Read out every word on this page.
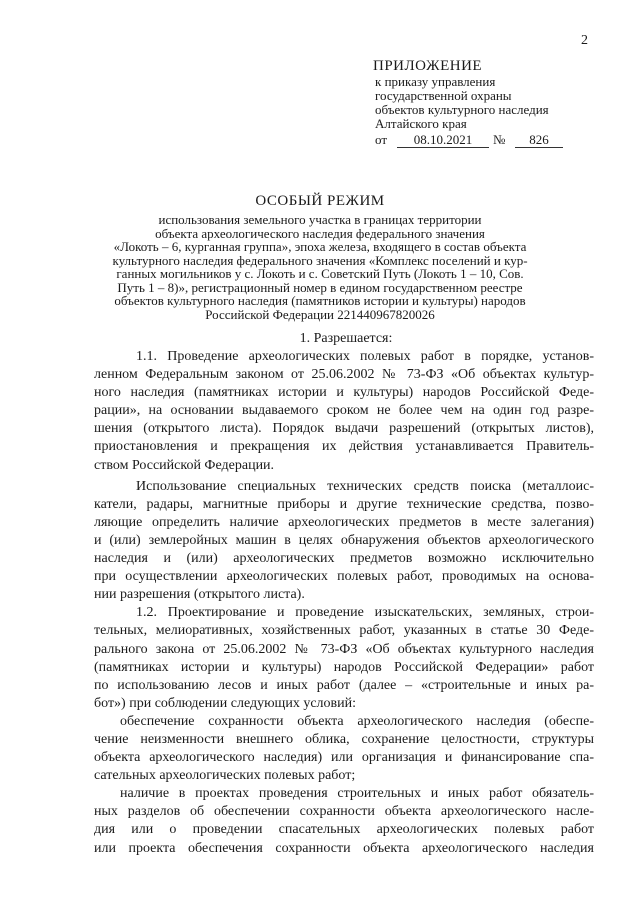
2
ПРИЛОЖЕНИЕ
к приказу управления
государственной охраны
объектов культурного наследия
Алтайского края
от	08.10.2021	№	826
ОСОБЫЙ РЕЖИМ
использования земельного участка в границах территории
объекта археологического наследия федерального значения
«Локоть – 6, курганная группа», эпоха железа, входящего в состав объекта
культурного наследия федерального значения «Комплекс поселений и кур-
ганных могильников у с. Локоть и с. Советский Путь (Локоть 1 – 10, Сов.
Путь 1 – 8)», регистрационный номер в едином государственном реестре
объектов культурного наследия (памятников истории и культуры) народов
Российской Федерации 221440967820026
1. Разрешается:
1.1. Проведение археологических полевых работ в порядке, установ-
ленном Федеральным законом от 25.06.2002 № 73-ФЗ «Об объектах культур-
ного наследия (памятниках истории и культуры) народов Российской Феде-
рации», на основании выдаваемого сроком не более чем на один год разре-
шения (открытого листа). Порядок выдачи разрешений (открытых листов),
приостановления и прекращения их действия устанавливается Правитель-
ством Российской Федерации.
Использование специальных технических средств поиска (металлоис-
катели, радары, магнитные приборы и другие технические средства, позво-
ляющие определить наличие археологических предметов в месте залегания)
и (или) землеройных машин в целях обнаружения объектов археологического
наследия и (или) археологических предметов возможно исключительно
при осуществлении археологических полевых работ, проводимых на основа-
нии разрешения (открытого листа).
1.2. Проектирование и проведение изыскательских, земляных, строи-
тельных, мелиоративных, хозяйственных работ, указанных в статье 30 Феде-
рального закона от 25.06.2002 № 73-ФЗ «Об объектах культурного наследия
(памятниках истории и культуры) народов Российской Федерации» работ
по использованию лесов и иных работ (далее – «строительные и иных ра-
бот») при соблюдении следующих условий:
обеспечение сохранности объекта археологического наследия (обеспе-
чение неизменности внешнего облика, сохранение целостности, структуры
объекта археологического наследия) или организация и финансирование спа-
сательных археологических полевых работ;
наличие в проектах проведения строительных и иных работ обязатель-
ных разделов об обеспечении сохранности объекта археологического насле-
дия или о проведении спасательных археологических полевых работ
или проекта обеспечения сохранности объекта археологического наследия
